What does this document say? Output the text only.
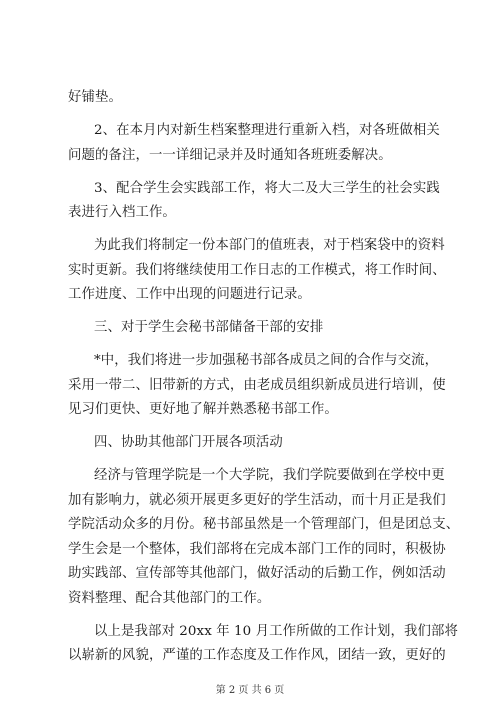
好铺垫。
2、在本月内对新生档案整理进行重新入档，对各班做相关
问题的备注，一一详细记录并及时通知各班班委解决。
3、配合学生会实践部工作，将大二及大三学生的社会实践
表进行入档工作。
为此我们将制定一份本部门的值班表，对于档案袋中的资料
实时更新。我们将继续使用工作日志的工作模式，将工作时间、
工作进度、工作中出现的问题进行记录。
三、对于学生会秘书部储备干部的安排
*中，我们将进一步加强秘书部各成员之间的合作与交流，
采用一带二、旧带新的方式，由老成员组织新成员进行培训，使
见习们更快、更好地了解并熟悉秘书部工作。
四、协助其他部门开展各项活动
经济与管理学院是一个大学院，我们学院要做到在学校中更
加有影响力，就必须开展更多更好的学生活动，而十月正是我们
学院活动众多的月份。秘书部虽然是一个管理部门，但是团总支、
学生会是一个整体，我们部将在完成本部门工作的同时，积极协
助实践部、宣传部等其他部门，做好活动的后勤工作，例如活动
资料整理、配合其他部门的工作。
以上是我部对 20xx 年 10 月工作所做的工作计划，我们部将
以崭新的风貌，严谨的工作态度及工作作风，团结一致，更好的
第 2 页 共 6 页
